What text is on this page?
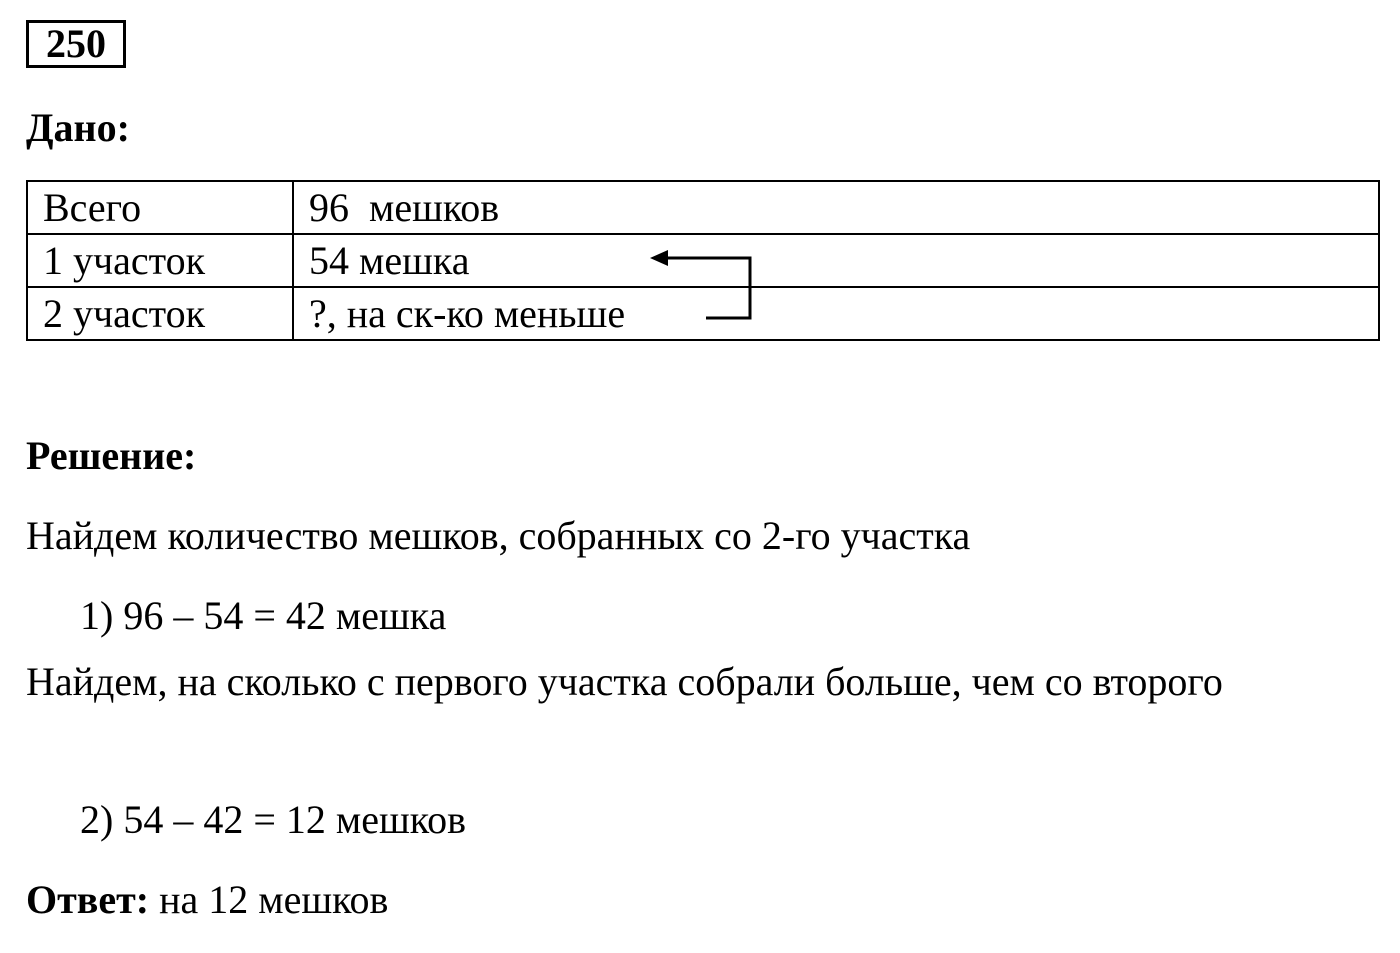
250
Дано:
Всего	96  мешков
1 участок	54 мешка
2 участок	?, на ск-ко меньше
Решение:
Найдем количество мешков, собранных со 2-го участка
1) 96 – 54 = 42 мешка
Найдем, на сколько с первого участка собрали больше, чем со второго
2) 54 – 42 = 12 мешков
Ответ: на 12 мешков
